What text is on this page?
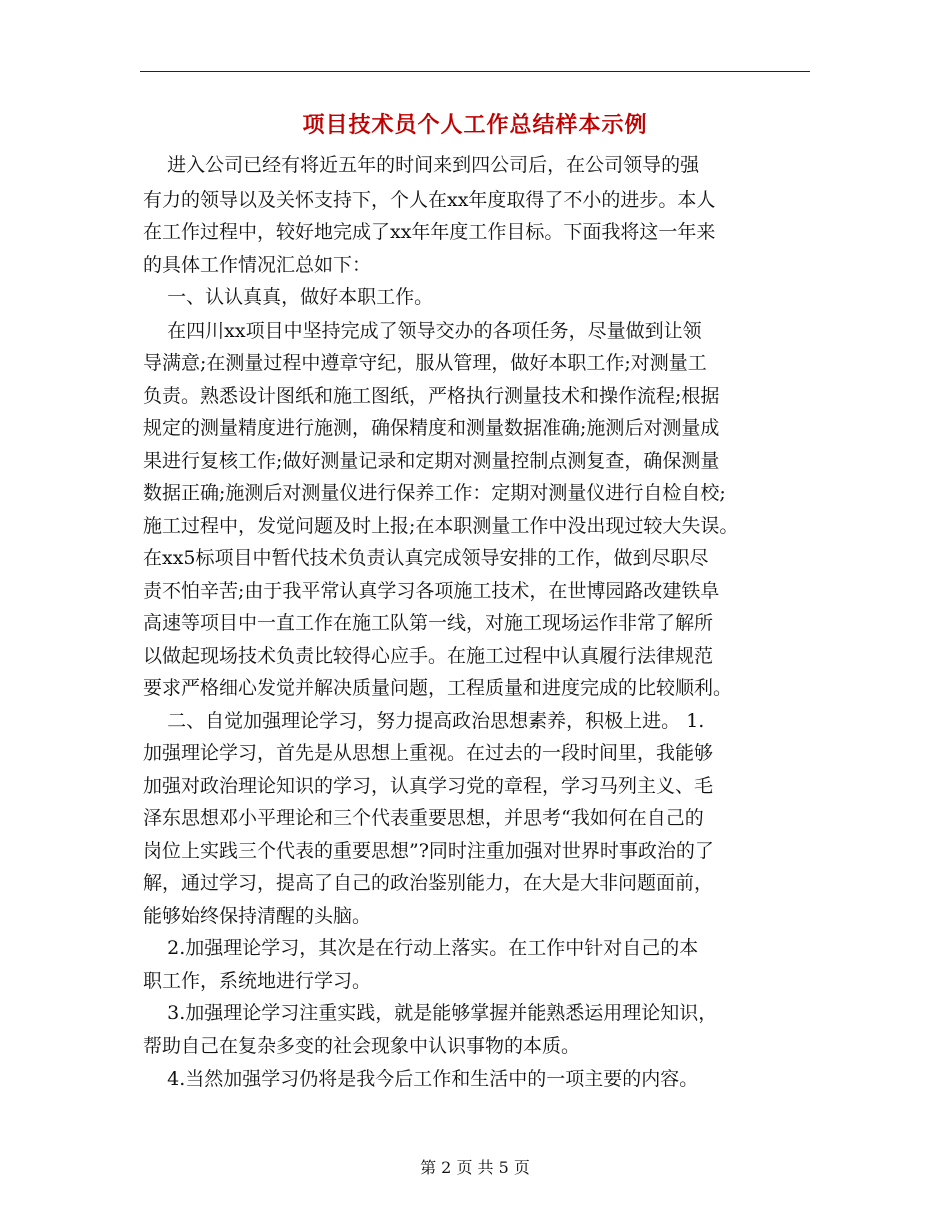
项目技术员个人工作总结样本示例

进入公司已经有将近五年的时间来到四公司后，在公司领导的强

有力的领导以及关怀支持下，个人在xx年度取得了不小的进步。本人

在工作过程中，较好地完成了xx年年度工作目标。下面我将这一年来

的具体工作情况汇总如下：

一、认认真真，做好本职工作。

在四川xx项目中坚持完成了领导交办的各项任务，尽量做到让领

导满意;在测量过程中遵章守纪，服从管理，做好本职工作;对测量工

负责。熟悉设计图纸和施工图纸，严格执行测量技术和操作流程;根据

规定的测量精度进行施测，确保精度和测量数据准确;施测后对测量成

果进行复核工作;做好测量记录和定期对测量控制点测复查，确保测量

数据正确;施测后对测量仪进行保养工作：定期对测量仪进行自检自校;

施工过程中，发觉问题及时上报;在本职测量工作中没出现过较大失误。

在xx5标项目中暂代技术负责认真完成领导安排的工作，做到尽职尽

责不怕辛苦;由于我平常认真学习各项施工技术，在世博园路改建铁阜

高速等项目中一直工作在施工队第一线，对施工现场运作非常了解所

以做起现场技术负责比较得心应手。在施工过程中认真履行法律规范

要求严格细心发觉并解决质量问题，工程质量和进度完成的比较顺利。

二、自觉加强理论学习，努力提高政治思想素养，积极上进。 1.

加强理论学习，首先是从思想上重视。在过去的一段时间里，我能够

加强对政治理论知识的学习，认真学习党的章程，学习马列主义、毛

泽东思想邓小平理论和三个代表重要思想，并思考“我如何在自己的

岗位上实践三个代表的重要思想”?同时注重加强对世界时事政治的了

解，通过学习，提高了自己的政治鉴别能力，在大是大非问题面前，

能够始终保持清醒的头脑。

2.加强理论学习，其次是在行动上落实。在工作中针对自己的本

职工作，系统地进行学习。

3.加强理论学习注重实践，就是能够掌握并能熟悉运用理论知识，

帮助自己在复杂多变的社会现象中认识事物的本质。

4.当然加强学习仍将是我今后工作和生活中的一项主要的内容。

第 2 页 共 5 页
